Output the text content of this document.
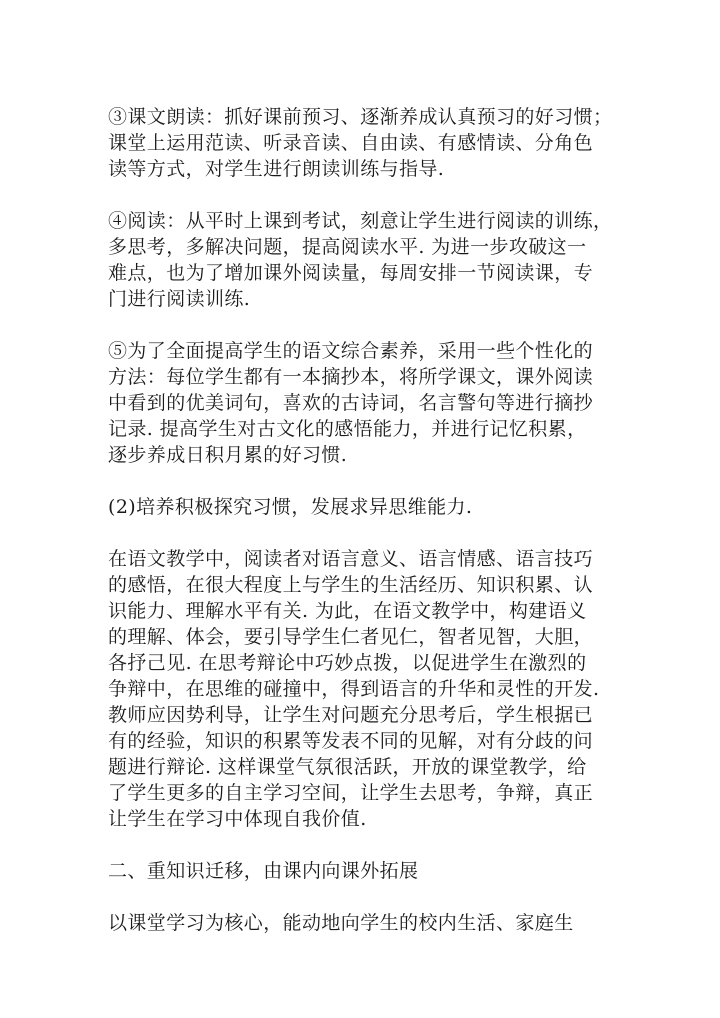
③课文朗读：抓好课前预习、逐渐养成认真预习的好习惯；
课堂上运用范读、听录音读、自由读、有感情读、分角色
读等方式，对学生进行朗读训练与指导.

④阅读：从平时上课到考试，刻意让学生进行阅读的训练，
多思考，多解决问题，提高阅读水平. 为进一步攻破这一
难点，也为了增加课外阅读量，每周安排一节阅读课，专
门进行阅读训练.

⑤为了全面提高学生的语文综合素养，采用一些个性化的
方法：每位学生都有一本摘抄本，将所学课文，课外阅读
中看到的优美词句，喜欢的古诗词，名言警句等进行摘抄
记录. 提高学生对古文化的感悟能力，并进行记忆积累，
逐步养成日积月累的好习惯.

(2)培养积极探究习惯，发展求异思维能力.

在语文教学中，阅读者对语言意义、语言情感、语言技巧
的感悟，在很大程度上与学生的生活经历、知识积累、认
识能力、理解水平有关. 为此，在语文教学中，构建语义
的理解、体会，要引导学生仁者见仁，智者见智，大胆，
各抒己见. 在思考辩论中巧妙点拨，以促进学生在激烈的
争辩中，在思维的碰撞中，得到语言的升华和灵性的开发.
教师应因势利导，让学生对问题充分思考后，学生根据已
有的经验，知识的积累等发表不同的见解，对有分歧的问
题进行辩论. 这样课堂气氛很活跃，开放的课堂教学，给
了学生更多的自主学习空间，让学生去思考，争辩，真正
让学生在学习中体现自我价值.

二、重知识迁移，由课内向课外拓展

以课堂学习为核心，能动地向学生的校内生活、家庭生
